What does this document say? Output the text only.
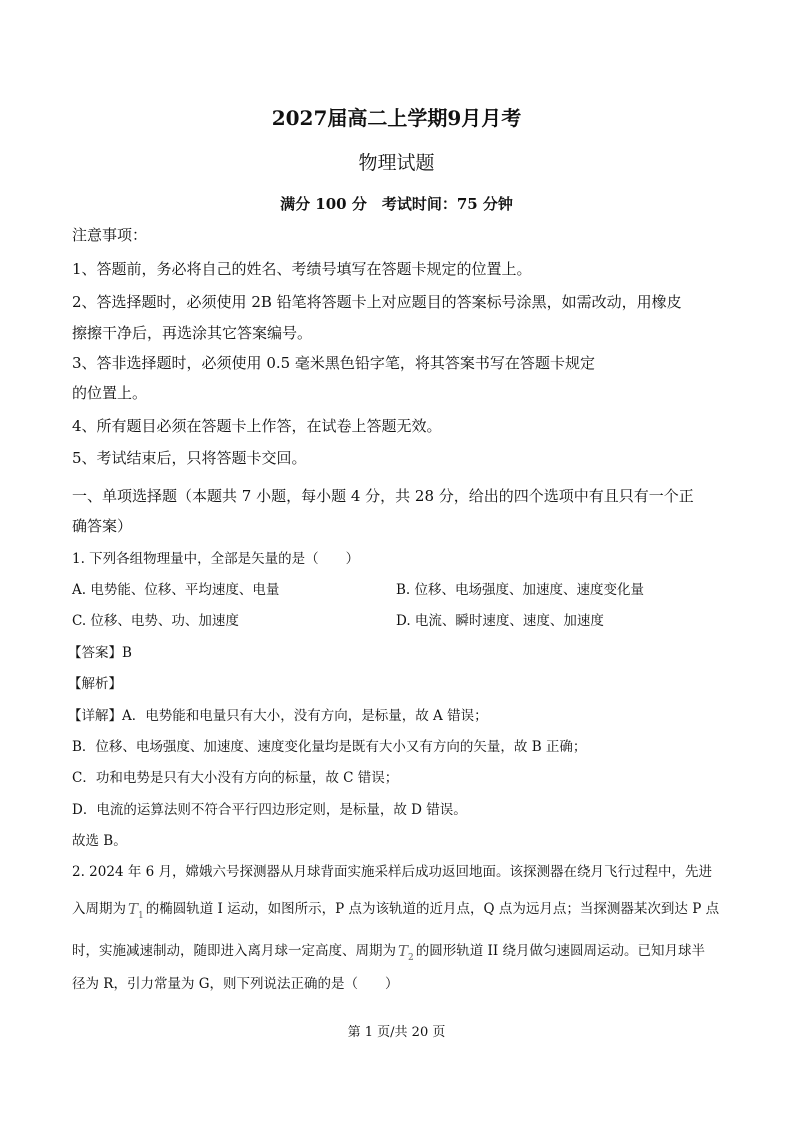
2027届高二上学期9月月考
物理试题
满分 100 分　考试时间：75 分钟
注意事项：
1、答题前，务必将自己的姓名、考绩号填写在答题卡规定的位置上。
2、答选择题时，必须使用 2B 铅笔将答题卡上对应题目的答案标号涂黑，如需改动，用橡皮
擦擦干净后，再选涂其它答案编号。
3、答非选择题时，必须使用 0.5 毫米黑色铅字笔，将其答案书写在答题卡规定
的位置上。
4、所有题目必须在答题卡上作答，在试卷上答题无效。
5、考试结束后，只将答题卡交回。
一、单项选择题（本题共 7 小题，每小题 4 分，共 28 分，给出的四个选项中有且只有一个正
确答案）
1. 下列各组物理量中，全部是矢量的是（　　）
A. 电势能、位移、平均速度、电量	B. 位移、电场强度、加速度、速度变化量
C. 位移、电势、功、加速度	D. 电流、瞬时速度、速度、加速度
【答案】B
【解析】
【详解】A．电势能和电量只有大小，没有方向，是标量，故 A 错误；
B．位移、电场强度、加速度、速度变化量均是既有大小又有方向的矢量，故 B 正确；
C．功和电势是只有大小没有方向的标量，故 C 错误；
D．电流的运算法则不符合平行四边形定则，是标量，故 D 错误。
故选 B。
2. 2024 年 6 月，嫦娥六号探测器从月球背面实施采样后成功返回地面。该探测器在绕月飞行过程中，先进
入周期为 $T_1$ 的椭圆轨道 I 运动，如图所示，P 点为该轨道的近月点，Q 点为远月点；当探测器某次到达 P 点
时，实施减速制动，随即进入离月球一定高度、周期为 $T_2$ 的圆形轨道 II 绕月做匀速圆周运动。已知月球半
径为 R，引力常量为 G，则下列说法正确的是（　　）
第 1 页/共 20 页
